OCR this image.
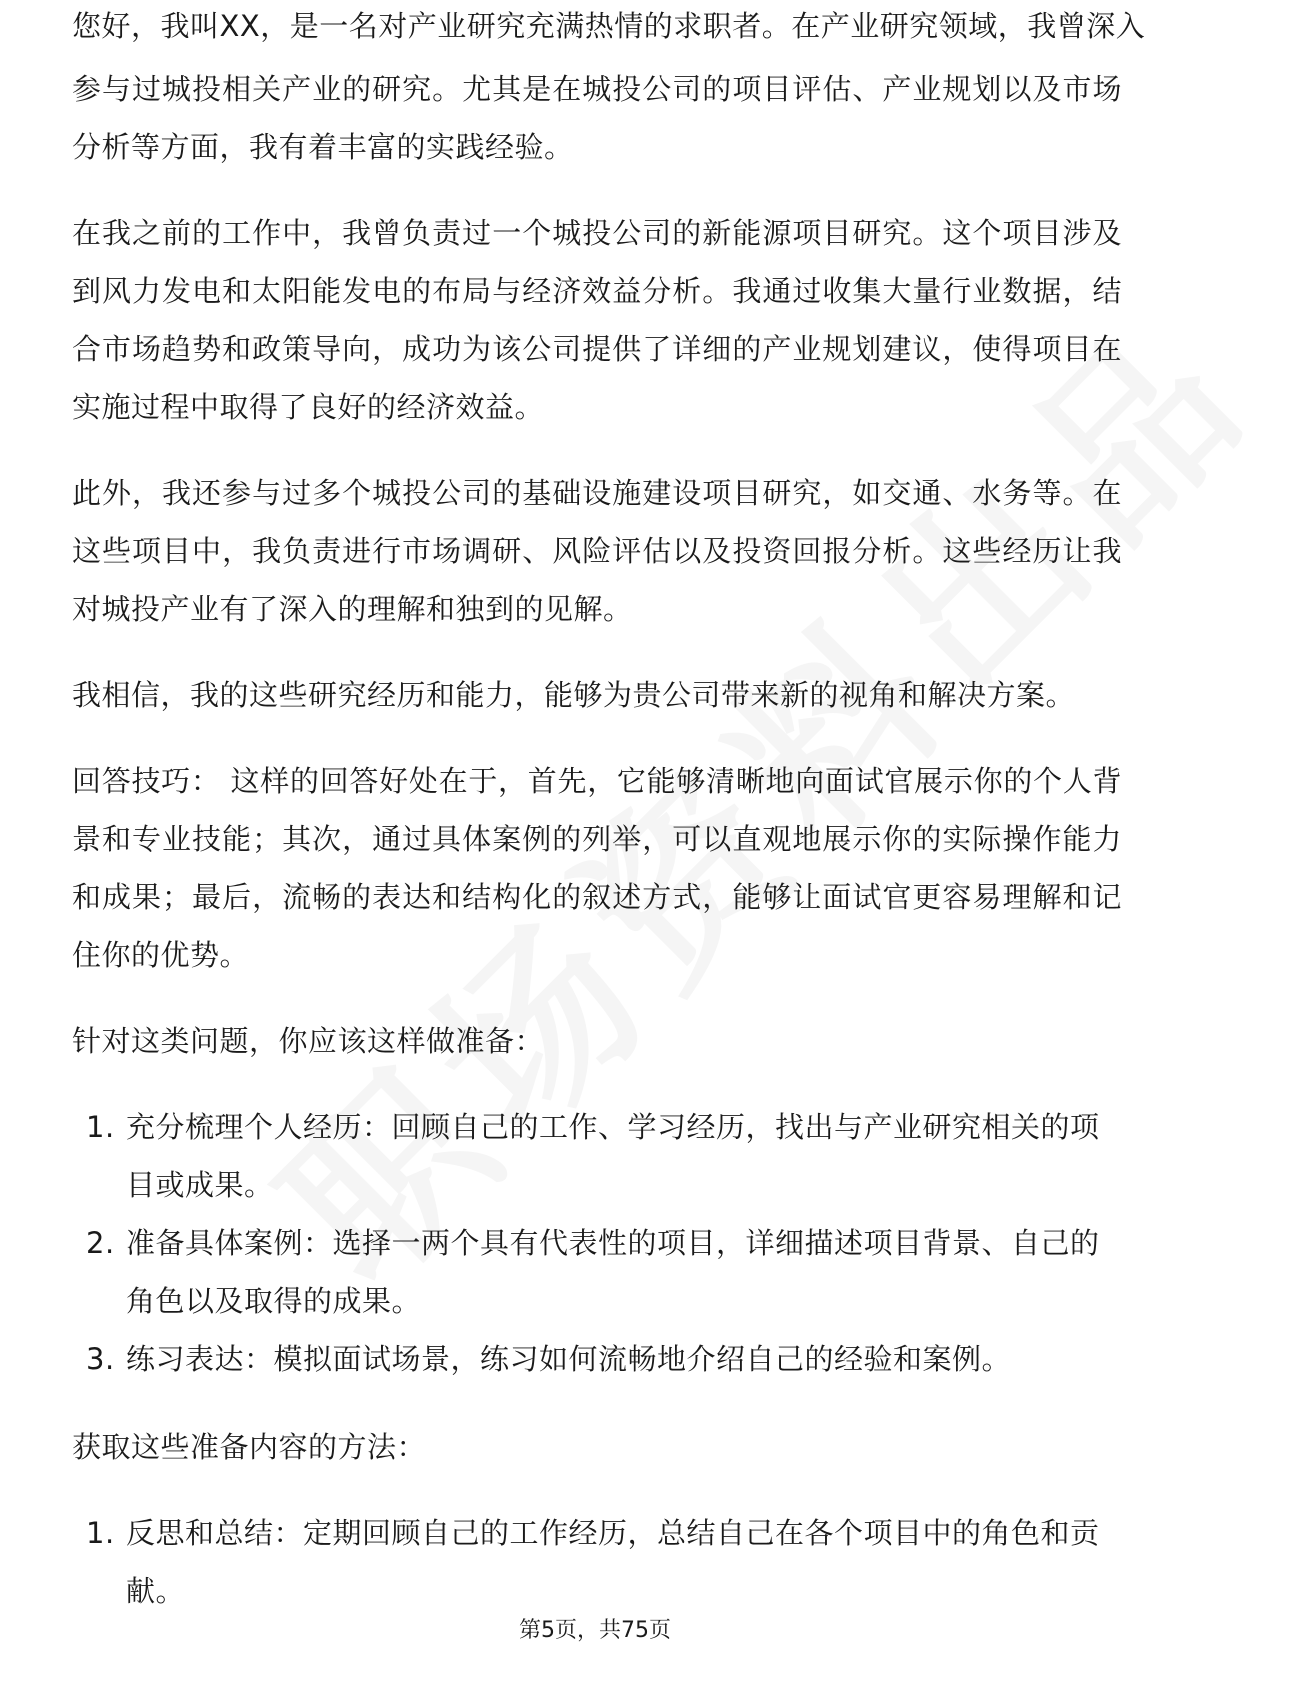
您好，我叫XX，是一名对产业研究充满热情的求职者。在产业研究领域，我曾深入

参与过城投相关产业的研究。尤其是在城投公司的项目评估、产业规划以及市场分析等方面，我有着丰富的实践经验。

在我之前的工作中，我曾负责过一个城投公司的新能源项目研究。这个项目涉及到风力发电和太阳能发电的布局与经济效益分析。我通过收集大量行业数据，结合市场趋势和政策导向，成功为该公司提供了详细的产业规划建议，使得项目在实施过程中取得了良好的经济效益。

此外，我还参与过多个城投公司的基础设施建设项目研究，如交通、水务等。在这些项目中，我负责进行市场调研、风险评估以及投资回报分析。这些经历让我对城投产业有了深入的理解和独到的见解。

我相信，我的这些研究经历和能力，能够为贵公司带来新的视角和解决方案。

回答技巧： 这样的回答好处在于，首先，它能够清晰地向面试官展示你的个人背景和专业技能；其次，通过具体案例的列举，可以直观地展示你的实际操作能力和成果；最后，流畅的表达和结构化的叙述方式，能够让面试官更容易理解和记住你的优势。

针对这类问题，你应该这样做准备：

1. 充分梳理个人经历：回顾自己的工作、学习经历，找出与产业研究相关的项目或成果。
2. 准备具体案例：选择一两个具有代表性的项目，详细描述项目背景、自己的角色以及取得的成果。
3. 练习表达：模拟面试场景，练习如何流畅地介绍自己的经验和案例。

获取这些准备内容的方法：

1. 反思和总结：定期回顾自己的工作经历，总结自己在各个项目中的角色和贡献。
第5页，共75页
